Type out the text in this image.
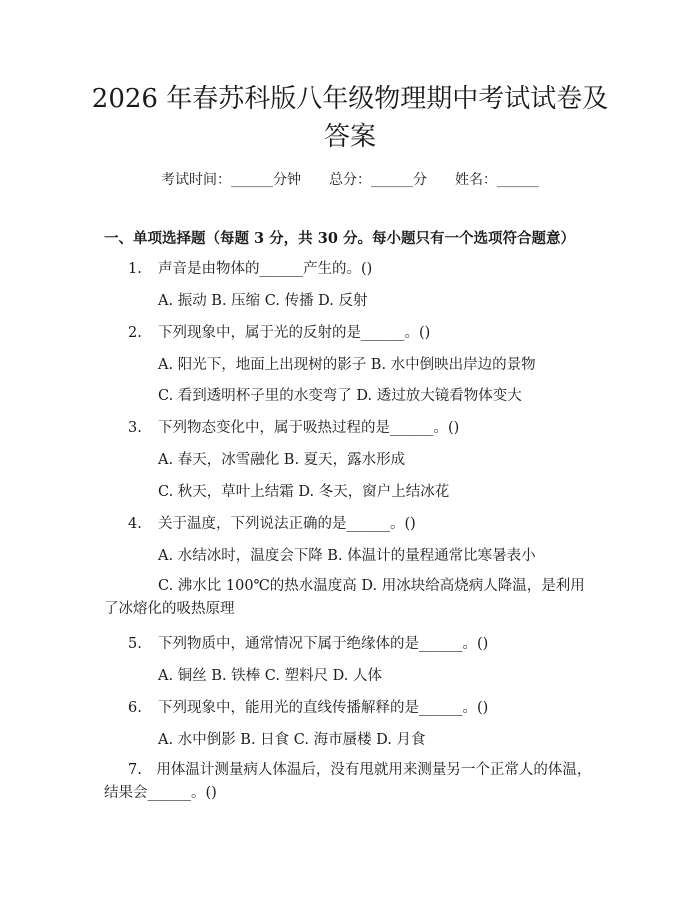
2026 年春苏科版八年级物理期中考试试卷及答案
考试时间：______分钟 总分：______分 姓名：______
一、单项选择题（每题 3 分，共 30 分。每小题只有一个选项符合题意）
1. 声音是由物体的______产生的。()
A. 振动 B. 压缩 C. 传播 D. 反射
2. 下列现象中，属于光的反射的是______。()
A. 阳光下，地面上出现树的影子 B. 水中倒映出岸边的景物
C. 看到透明杯子里的水变弯了 D. 透过放大镜看物体变大
3. 下列物态变化中，属于吸热过程的是______。()
A. 春天，冰雪融化 B. 夏天，露水形成
C. 秋天，草叶上结霜 D. 冬天，窗户上结冰花
4. 关于温度，下列说法正确的是______。()
A. 水结冰时，温度会下降 B. 体温计的量程通常比寒暑表小
C. 沸水比 100℃的热水温度高 D. 用冰块给高烧病人降温，是利用了冰熔化的吸热原理
5. 下列物质中，通常情况下属于绝缘体的是______。()
A. 铜丝 B. 铁棒 C. 塑料尺 D. 人体
6. 下列现象中，能用光的直线传播解释的是______。()
A. 水中倒影 B. 日食 C. 海市蜃楼 D. 月食
7.　用体温计测量病人体温后，没有甩就用来测量另一个正常人的体温，结果会______。()
